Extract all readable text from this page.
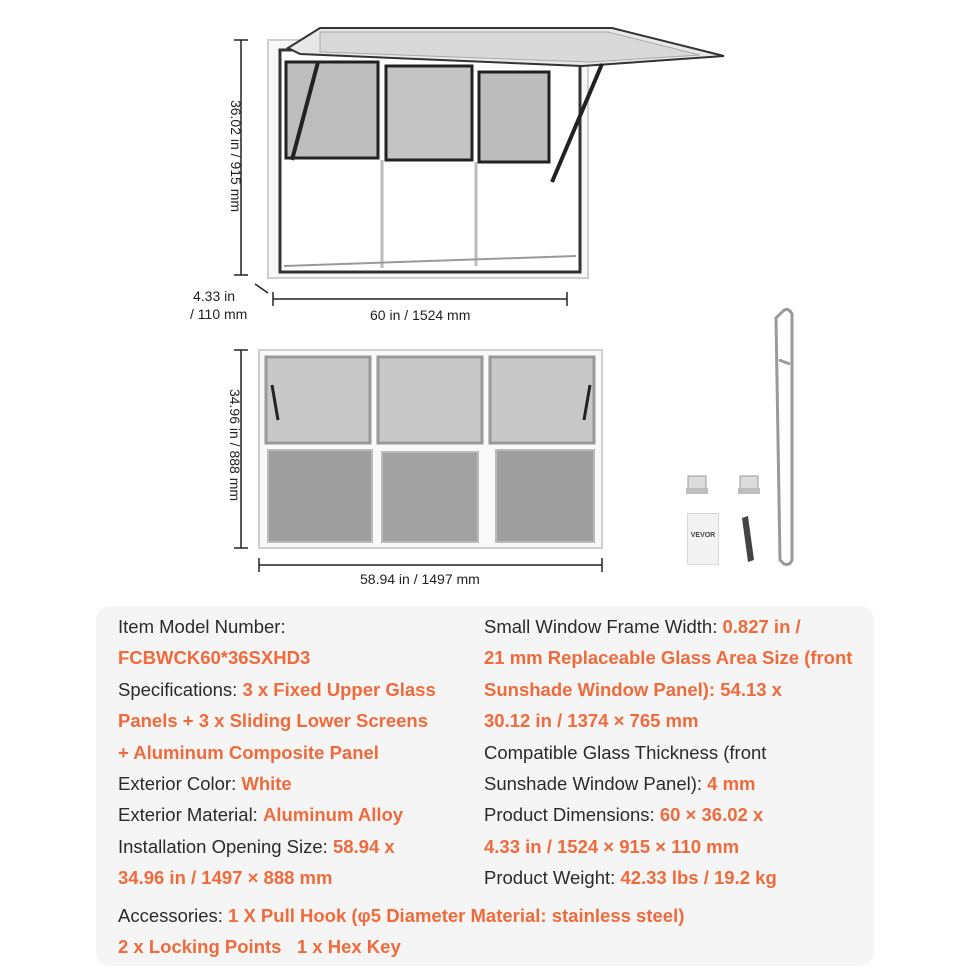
36.02 in / 915 mm
4.33 in
/ 110 mm	60 in / 1524 mm
34.96 in / 888 mm
58.94 in / 1497 mm
VEVOR
Item Model Number:
FCBWCK60*36SXHD3
Specifications: 3 x Fixed Upper Glass
Panels + 3 x Sliding Lower Screens
+ Aluminum Composite Panel
Exterior Color: White
Exterior Material: Aluminum Alloy
Installation Opening Size: 58.94 x
34.96 in / 1497 × 888 mm
Small Window Frame Width: 0.827 in /
21 mm Replaceable Glass Area Size (front
Sunshade Window Panel): 54.13 x
30.12 in / 1374 × 765 mm
Compatible Glass Thickness (front
Sunshade Window Panel): 4 mm
Product Dimensions: 60 × 36.02 x
4.33 in / 1524 × 915 × 110 mm
Product Weight: 42.33 lbs / 19.2 kg
Accessories: 1 X Pull Hook (φ5 Diameter Material: stainless steel)
2 x Locking Points   1 x Hex Key
